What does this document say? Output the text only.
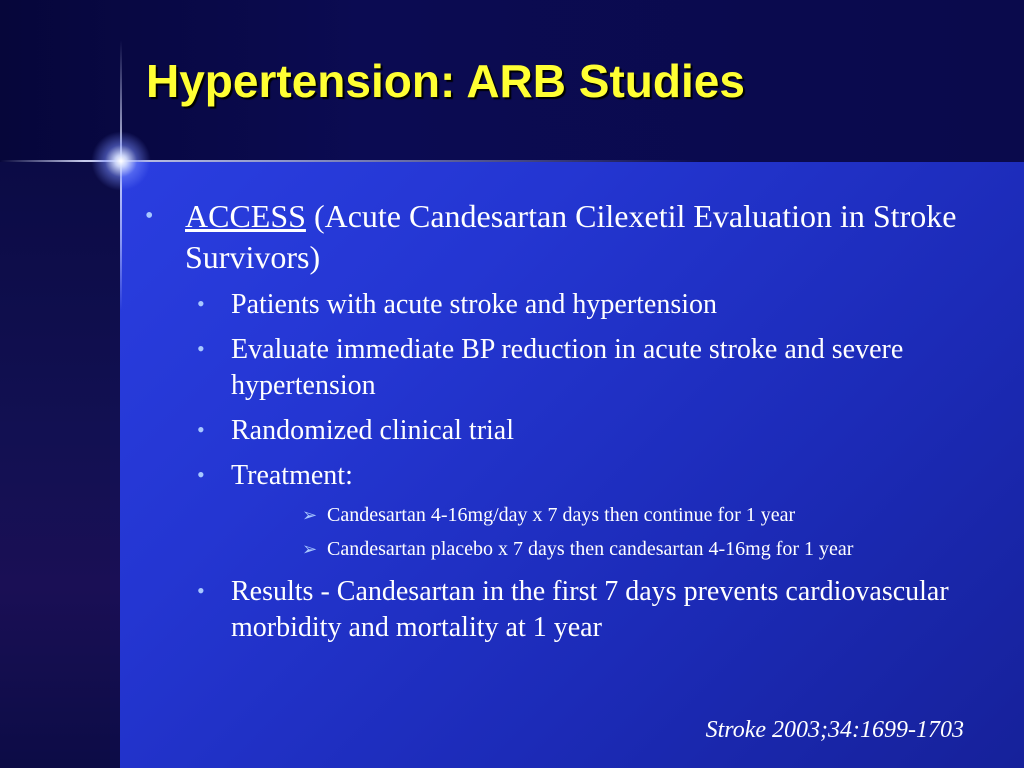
Hypertension: ARB Studies
• ACCESS (Acute Candesartan Cilexetil Evaluation in Stroke Survivors)
• Patients with acute stroke and hypertension
• Evaluate immediate BP reduction in acute stroke and severe hypertension
• Randomized clinical trial
• Treatment:
➢ Candesartan 4-16mg/day x 7 days then continue for 1 year
➢ Candesartan placebo x 7 days then candesartan 4-16mg for 1 year
• Results - Candesartan in the first 7 days prevents cardiovascular morbidity and mortality at 1 year
Stroke 2003;34:1699-1703
